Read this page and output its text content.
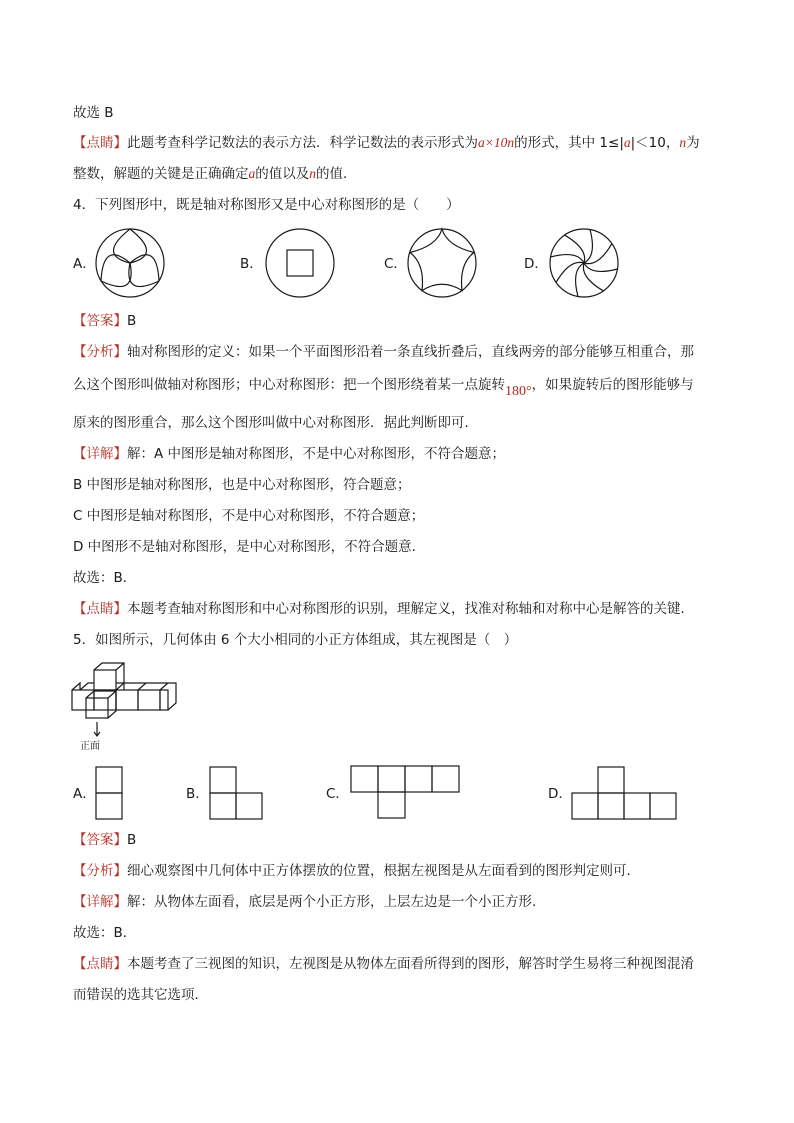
故选 B
【点睛】此题考查科学记数法的表示方法．科学记数法的表示形式为a×10n的形式，其中 1≤|a|＜10，n为
整数，解题的关键是正确确定a的值以及n的值．
4．下列图形中，既是轴对称图形又是中心对称图形的是（　　）
A．	B．	C．	D．
【答案】B
【分析】轴对称图形的定义：如果一个平面图形沿着一条直线折叠后，直线两旁的部分能够互相重合，那
么这个图形叫做轴对称图形；中心对称图形：把一个图形绕着某一点旋转180°，如果旋转后的图形能够与
原来的图形重合，那么这个图形叫做中心对称图形．据此判断即可．
【详解】解：A 中图形是轴对称图形，不是中心对称图形，不符合题意；
B 中图形是轴对称图形，也是中心对称图形，符合题意；
C 中图形是轴对称图形，不是中心对称图形，不符合题意；
D 中图形不是轴对称图形，是中心对称图形，不符合题意．
故选：B．
【点睛】本题考查轴对称图形和中心对称图形的识别，理解定义，找准对称轴和对称中心是解答的关键．
5．如图所示，几何体由 6 个大小相同的小正方体组成，其左视图是（　）
正面
A．	B．	C．	D．
【答案】B
【分析】细心观察图中几何体中正方体摆放的位置，根据左视图是从左面看到的图形判定则可．
【详解】解：从物体左面看，底层是两个小正方形，上层左边是一个小正方形．
故选：B．
【点睛】本题考查了三视图的知识，左视图是从物体左面看所得到的图形，解答时学生易将三种视图混淆
而错误的选其它选项．
